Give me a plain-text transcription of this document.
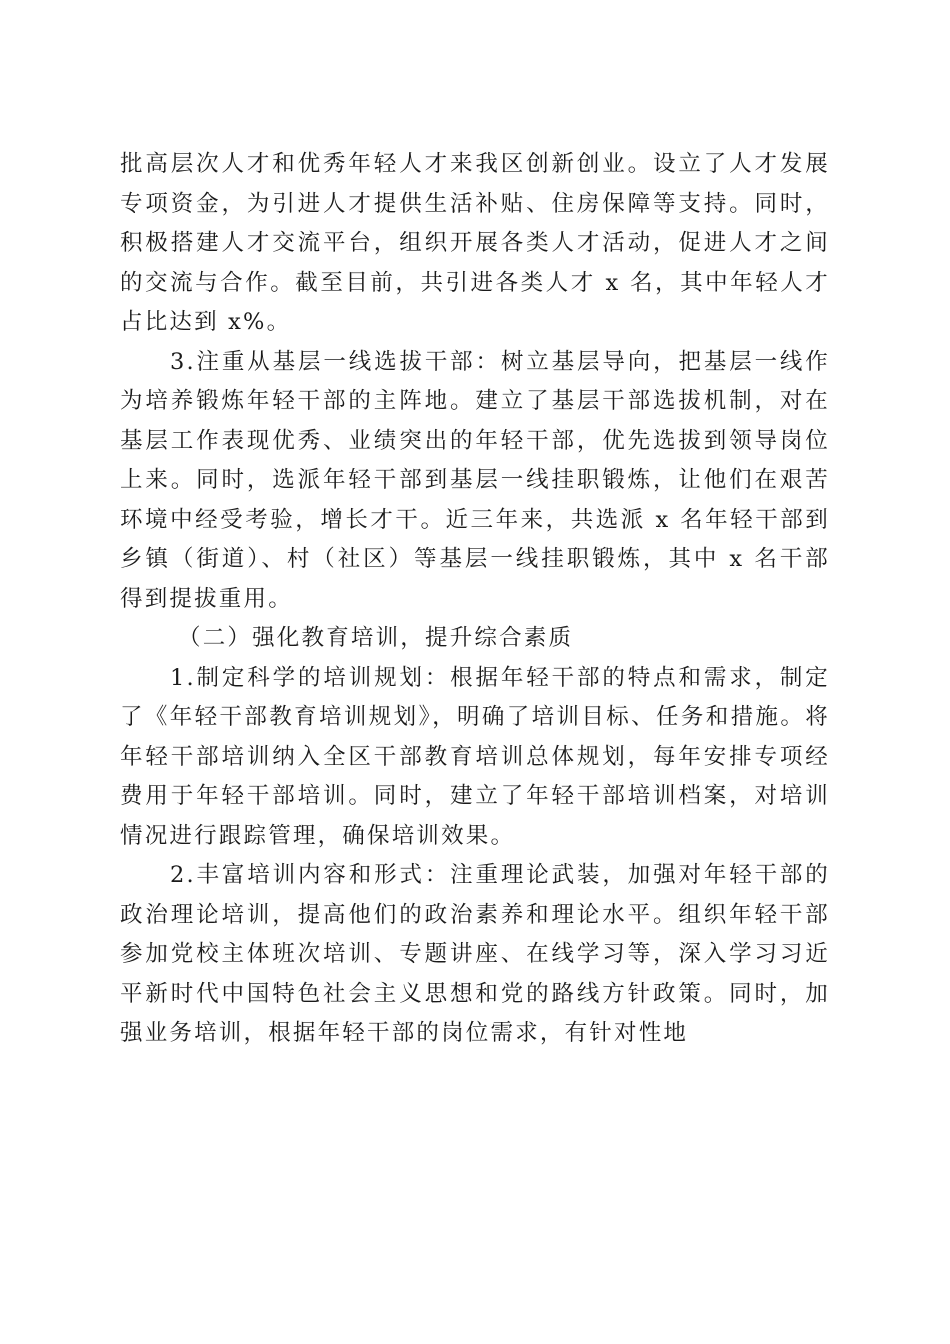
批高层次人才和优秀年轻人才来我区创新创业。设立了人才发展专项资金，为引进人才提供生活补贴、住房保障等支持。同时，积极搭建人才交流平台，组织开展各类人才活动，促进人才之间的交流与合作。截至目前，共引进各类人才 x 名，其中年轻人才占比达到 x%。

3.注重从基层一线选拔干部：树立基层导向，把基层一线作为培养锻炼年轻干部的主阵地。建立了基层干部选拔机制，对在基层工作表现优秀、业绩突出的年轻干部，优先选拔到领导岗位上来。同时，选派年轻干部到基层一线挂职锻炼，让他们在艰苦环境中经受考验，增长才干。近三年来，共选派 x 名年轻干部到乡镇（街道）、村（社区）等基层一线挂职锻炼，其中 x 名干部得到提拔重用。

（二）强化教育培训，提升综合素质

1.制定科学的培训规划：根据年轻干部的特点和需求，制定了《年轻干部教育培训规划》，明确了培训目标、任务和措施。将年轻干部培训纳入全区干部教育培训总体规划，每年安排专项经费用于年轻干部培训。同时，建立了年轻干部培训档案，对培训情况进行跟踪管理，确保培训效果。

2.丰富培训内容和形式：注重理论武装，加强对年轻干部的政治理论培训，提高他们的政治素养和理论水平。组织年轻干部参加党校主体班次培训、专题讲座、在线学习等，深入学习习近平新时代中国特色社会主义思想和党的路线方针政策。同时，加强业务培训，根据年轻干部的岗位需求，有针对性地
